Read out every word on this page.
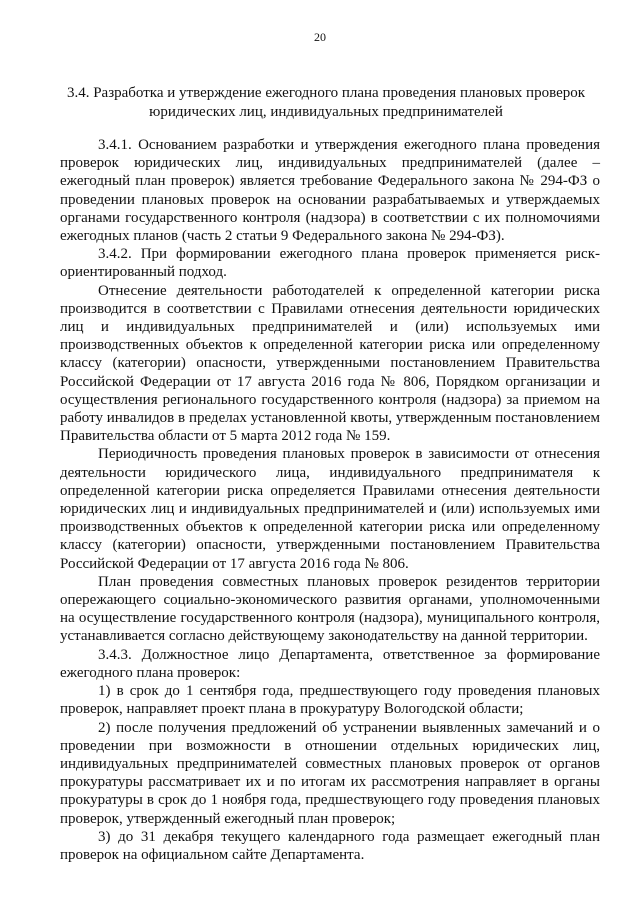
20
3.4. Разработка и утверждение ежегодного плана проведения плановых проверок юридических лиц, индивидуальных предпринимателей

3.4.1. Основанием разработки и утверждения ежегодного плана проведения проверок юридических лиц, индивидуальных предпринимателей (далее – ежегодный план проверок) является требование Федерального закона № 294-ФЗ о проведении плановых проверок на основании разрабатываемых и утверждаемых органами государственного контроля (надзора) в соответствии с их полномочиями ежегодных планов (часть 2 статьи 9 Федерального закона № 294-ФЗ).

3.4.2. При формировании ежегодного плана проверок применяется риск-ориентированный подход.

Отнесение деятельности работодателей к определенной категории риска производится в соответствии с Правилами отнесения деятельности юридических лиц и индивидуальных предпринимателей и (или) используемых ими производственных объектов к определенной категории риска или определенному классу (категории) опасности, утвержденными постановлением Правительства Российской Федерации от 17 августа 2016 года № 806, Порядком организации и осуществления регионального государственного контроля (надзора) за приемом на работу инвалидов в пределах установленной квоты, утвержденным постановлением Правительства области от 5 марта 2012 года № 159.

Периодичность проведения плановых проверок в зависимости от отнесения деятельности юридического лица, индивидуального предпринимателя к определенной категории риска определяется Правилами отнесения деятельности юридических лиц и индивидуальных предпринимателей и (или) используемых ими производственных объектов к определенной категории риска или определенному классу (категории) опасности, утвержденными постановлением Правительства Российской Федерации от 17 августа 2016 года № 806.

План проведения совместных плановых проверок резидентов территории опережающего социально-экономического развития органами, уполномоченными на осуществление государственного контроля (надзора), муниципального контроля, устанавливается согласно действующему законодательству на данной территории.

3.4.3. Должностное лицо Департамента, ответственное за формирование ежегодного плана проверок:

1) в срок до 1 сентября года, предшествующего году проведения плановых проверок, направляет проект плана в прокуратуру Вологодской области;

2) после получения предложений об устранении выявленных замечаний и о проведении при возможности в отношении отдельных юридических лиц, индивидуальных предпринимателей совместных плановых проверок от органов прокуратуры рассматривает их и по итогам их рассмотрения направляет в органы прокуратуры в срок до 1 ноября года, предшествующего году проведения плановых проверок, утвержденный ежегодный план проверок;

3) до 31 декабря текущего календарного года размещает ежегодный план проверок на официальном сайте Департамента.
